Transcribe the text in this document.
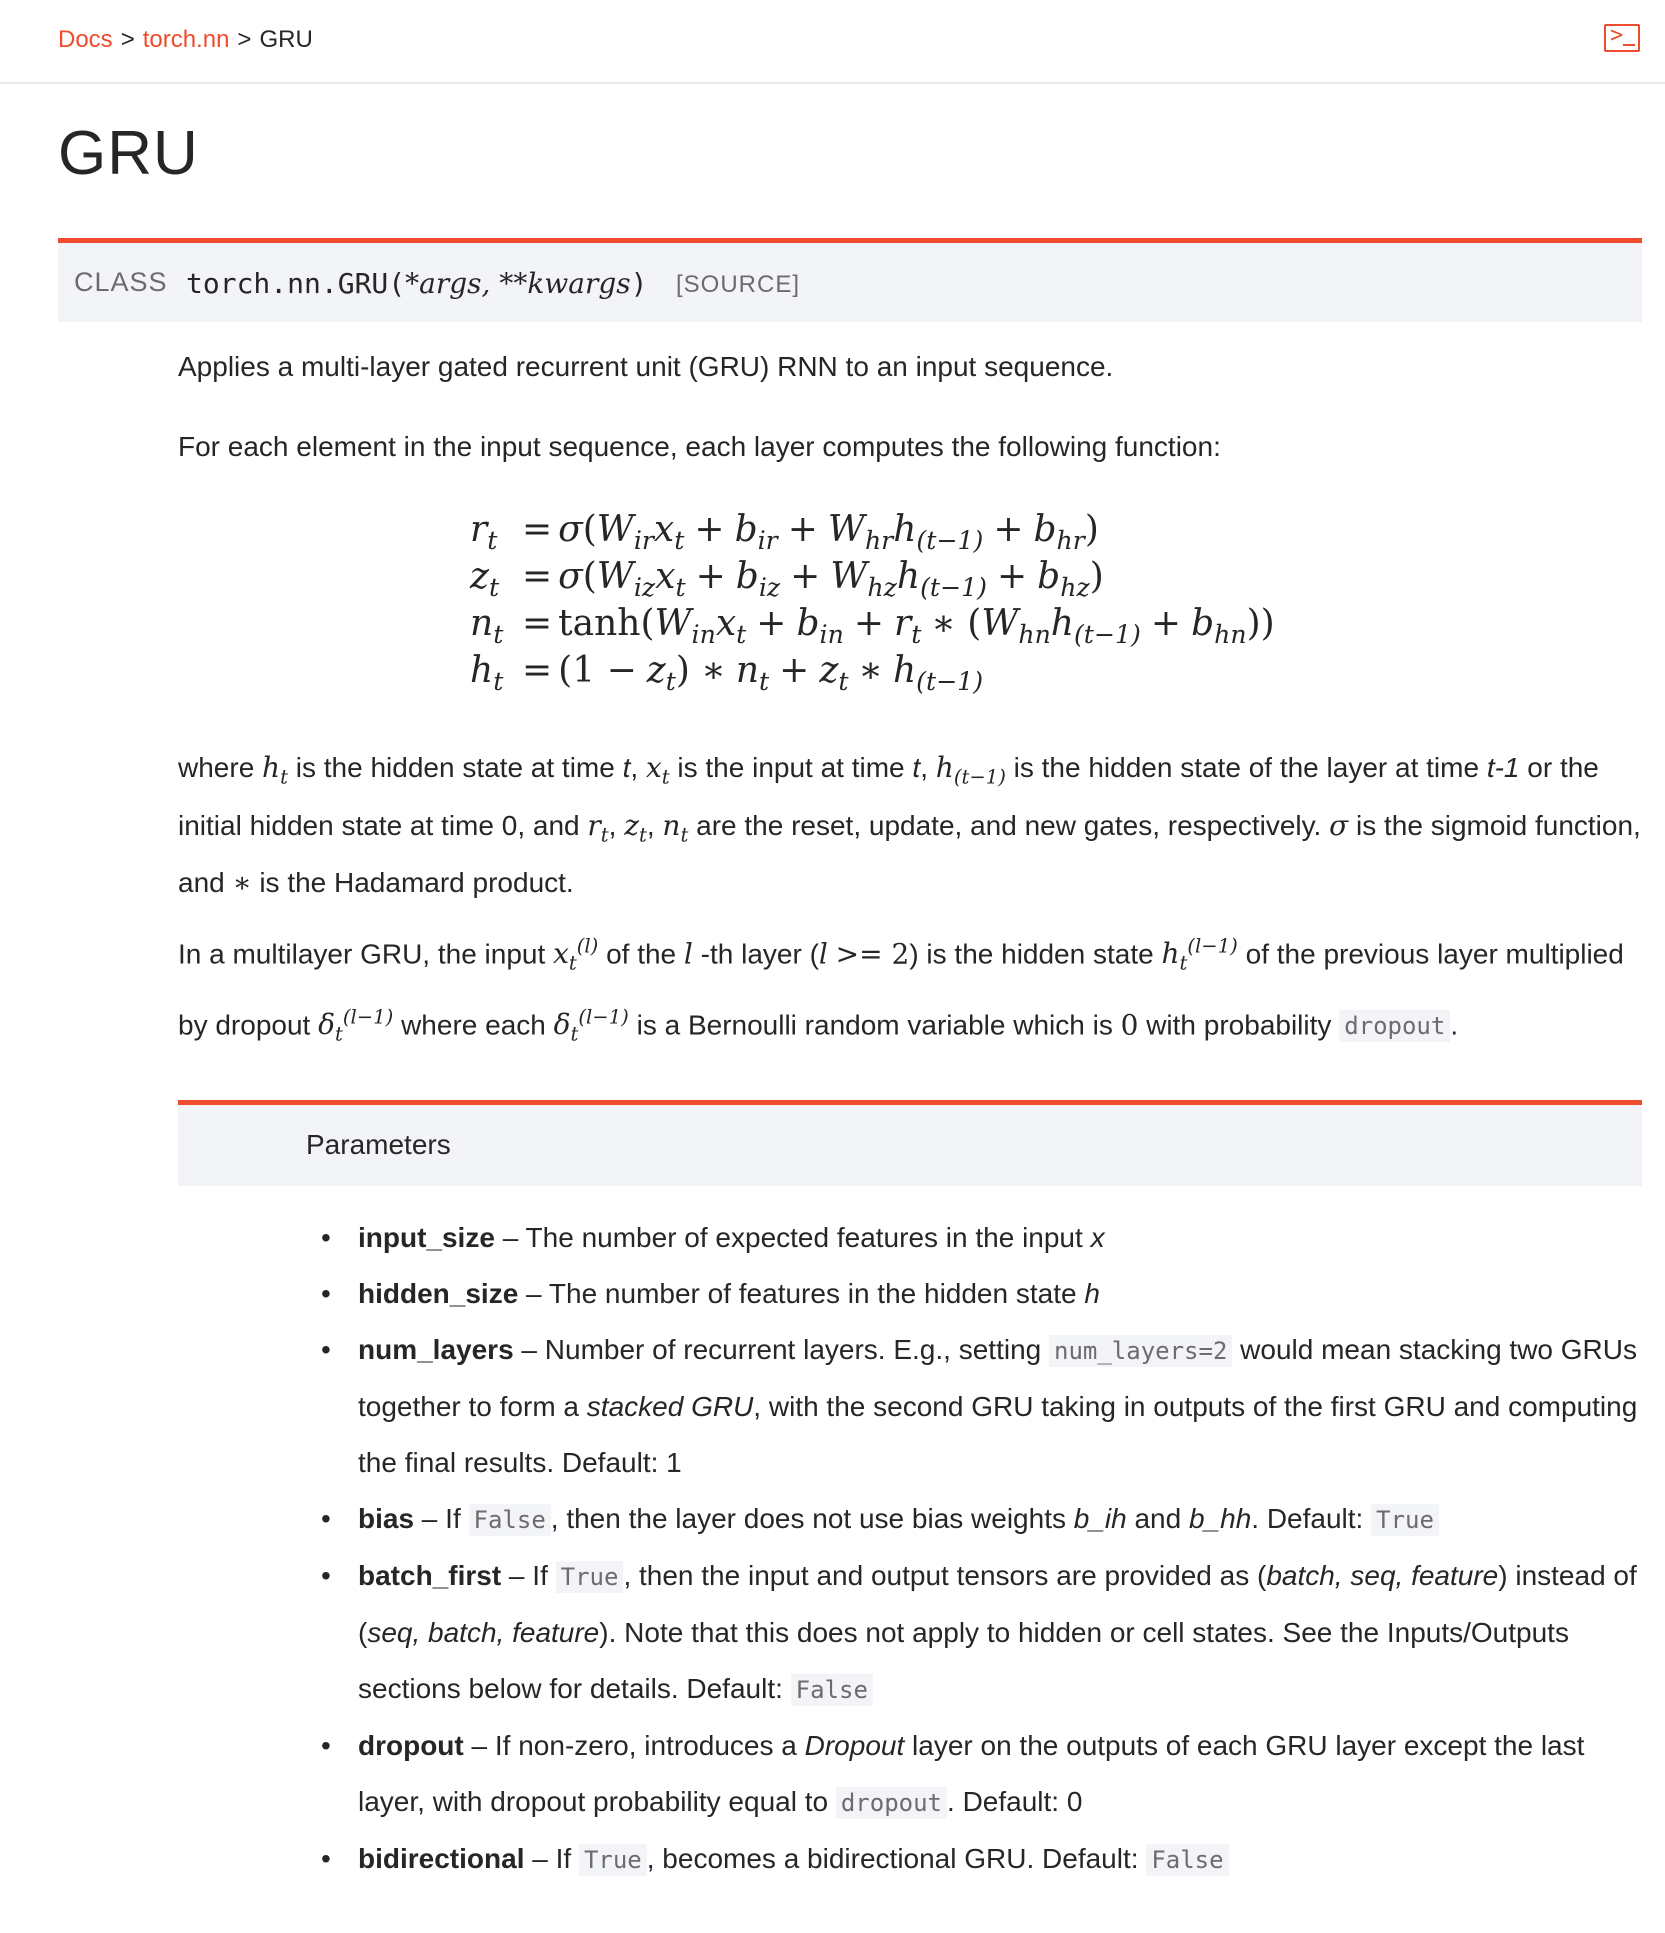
Docs > torch.nn > GRU	>
GRU
CLASS torch.nn.GRU(*args, **kwargs) [SOURCE]

Applies a multi-layer gated recurrent unit (GRU) RNN to an input sequence.

For each element in the input sequence, each layer computes the following function:

$r_t = \sigma(W_{ir}x_t + b_{ir} + W_{hr}h_{(t-1)} + b_{hr})$
$z_t = \sigma(W_{iz}x_t + b_{iz} + W_{hz}h_{(t-1)} + b_{hz})$
$n_t = \tanh(W_{in}x_t + b_{in} + r_t$ ∗ $(W_{hn}h_{(t-1)} + b_{hn})$)
$h_t = (1 - z_t)$ ∗ $n_t + z_t$ ∗ $h_{(t-1)}$

where $h_t$ is the hidden state at time t, $x_t$ is the input at time t, $h_{(t-1)}$ is the hidden state of the layer at time t-1 or the initial hidden state at time 0, and $r_t$, $z_t$, $n_t$ are the reset, update, and new gates, respectively. σ is the sigmoid function, and ∗ is the Hadamard product.

In a multilayer GRU, the input $x_t^{(l)}$ of the l -th layer (l >= 2) is the hidden state $h_t^{(l-1)}$ of the previous layer multiplied by dropout $\delta_t^{(l-1)}$ where each $\delta_t^{(l-1)}$ is a Bernoulli random variable which is 0 with probability dropout .

Parameters
• input_size – The number of expected features in the input x
• hidden_size – The number of features in the hidden state h
• num_layers – Number of recurrent layers. E.g., setting num_layers=2 would mean stacking two GRUs together to form a stacked GRU, with the second GRU taking in outputs of the first GRU and computing the final results. Default: 1
• bias – If False , then the layer does not use bias weights b_ih and b_hh. Default: True
• batch_first – If True , then the input and output tensors are provided as (batch, seq, feature) instead of (seq, batch, feature). Note that this does not apply to hidden or cell states. See the Inputs/Outputs sections below for details. Default: False
• dropout – If non-zero, introduces a Dropout layer on the outputs of each GRU layer except the last layer, with dropout probability equal to dropout . Default: 0
• bidirectional – If True , becomes a bidirectional GRU. Default: False
